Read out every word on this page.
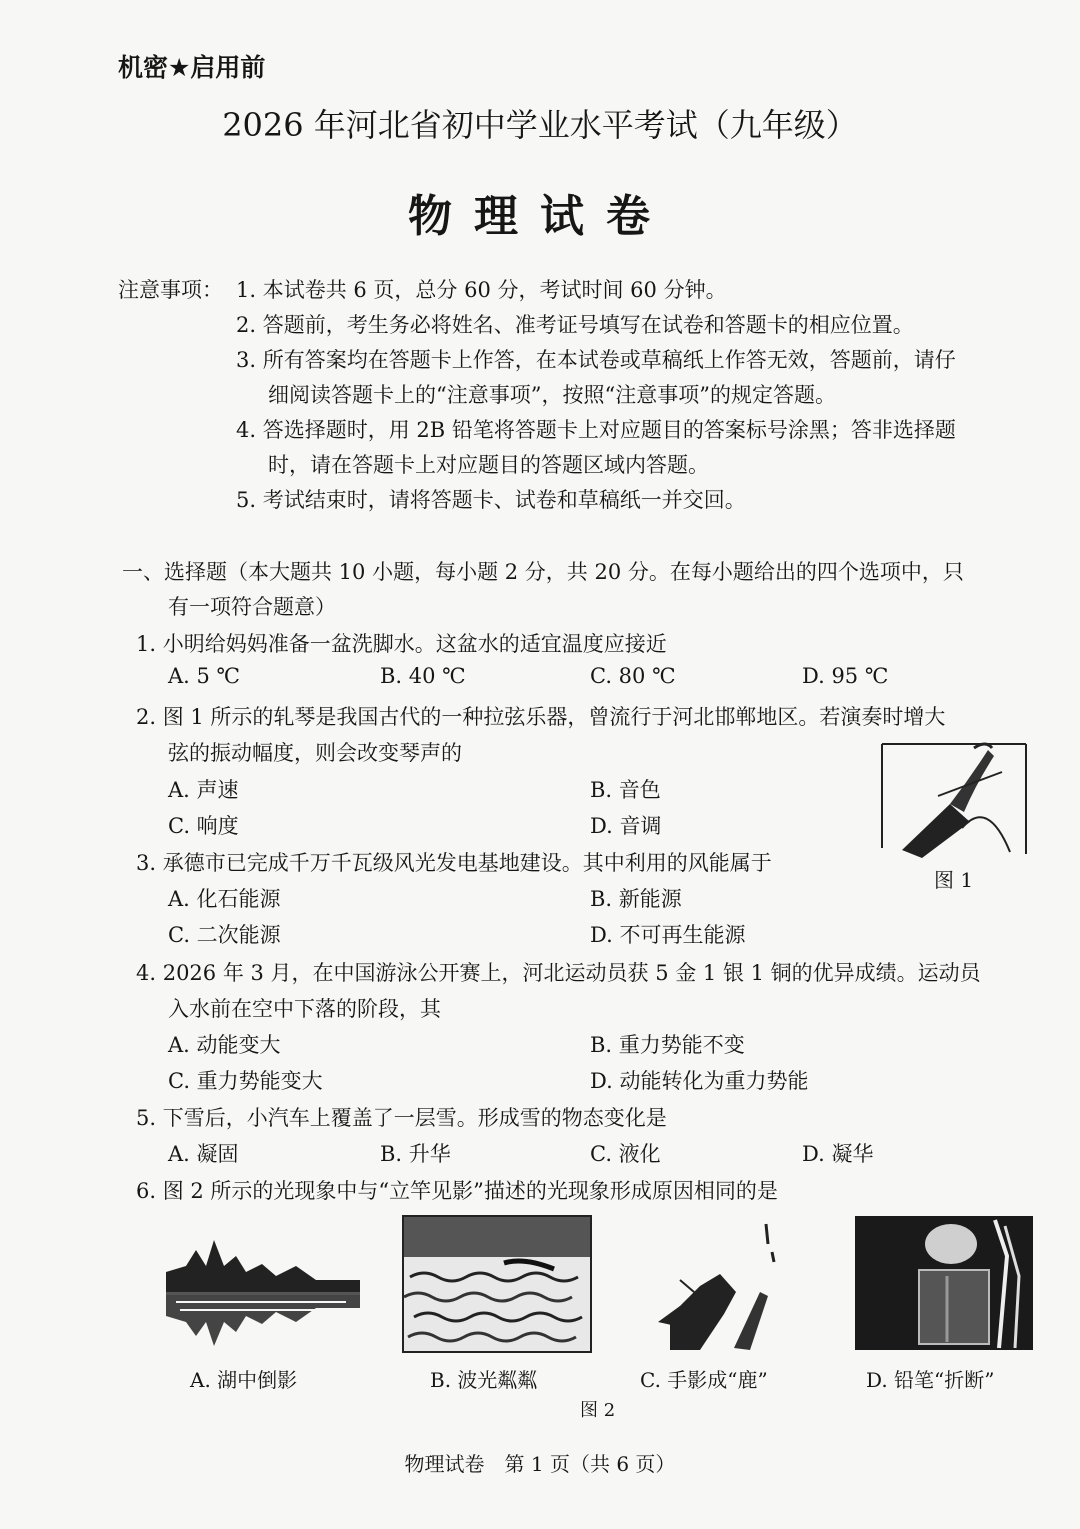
机密★启用前
2026 年河北省初中学业水平考试（九年级）
物理试卷
注意事项： 1. 本试卷共 6 页，总分 60 分，考试时间 60 分钟。
2. 答题前，考生务必将姓名、准考证号填写在试卷和答题卡的相应位置。
3. 所有答案均在答题卡上作答，在本试卷或草稿纸上作答无效，答题前，请仔
细阅读答题卡上的“注意事项”，按照“注意事项”的规定答题。
4. 答选择题时，用 2B 铅笔将答题卡上对应题目的答案标号涂黑；答非选择题
时，请在答题卡上对应题目的答题区域内答题。
5. 考试结束时，请将答题卡、试卷和草稿纸一并交回。
一、选择题（本大题共 10 小题，每小题 2 分，共 20 分。在每小题给出的四个选项中，只
有一项符合题意）
1. 小明给妈妈准备一盆洗脚水。这盆水的适宜温度应接近
A. 5 ℃	B. 40 ℃	C. 80 ℃	D. 95 ℃
2. 图 1 所示的轧琴是我国古代的一种拉弦乐器，曾流行于河北邯郸地区。若演奏时增大
弦的振动幅度，则会改变琴声的
A. 声速	B. 音色
C. 响度	D. 音调
图 1
3. 承德市已完成千万千瓦级风光发电基地建设。其中利用的风能属于
A. 化石能源	B. 新能源
C. 二次能源	D. 不可再生能源
4. 2026 年 3 月，在中国游泳公开赛上，河北运动员获 5 金 1 银 1 铜的优异成绩。运动员
入水前在空中下落的阶段，其
A. 动能变大	B. 重力势能不变
C. 重力势能变大	D. 动能转化为重力势能
5. 下雪后，小汽车上覆盖了一层雪。形成雪的物态变化是
A. 凝固	B. 升华	C. 液化	D. 凝华
6. 图 2 所示的光现象中与“立竿见影”描述的光现象形成原因相同的是
A. 湖中倒影	B. 波光粼粼	C. 手影成“鹿”	D. 铅笔“折断”
图 2
物理试卷　第 1 页（共 6 页）
